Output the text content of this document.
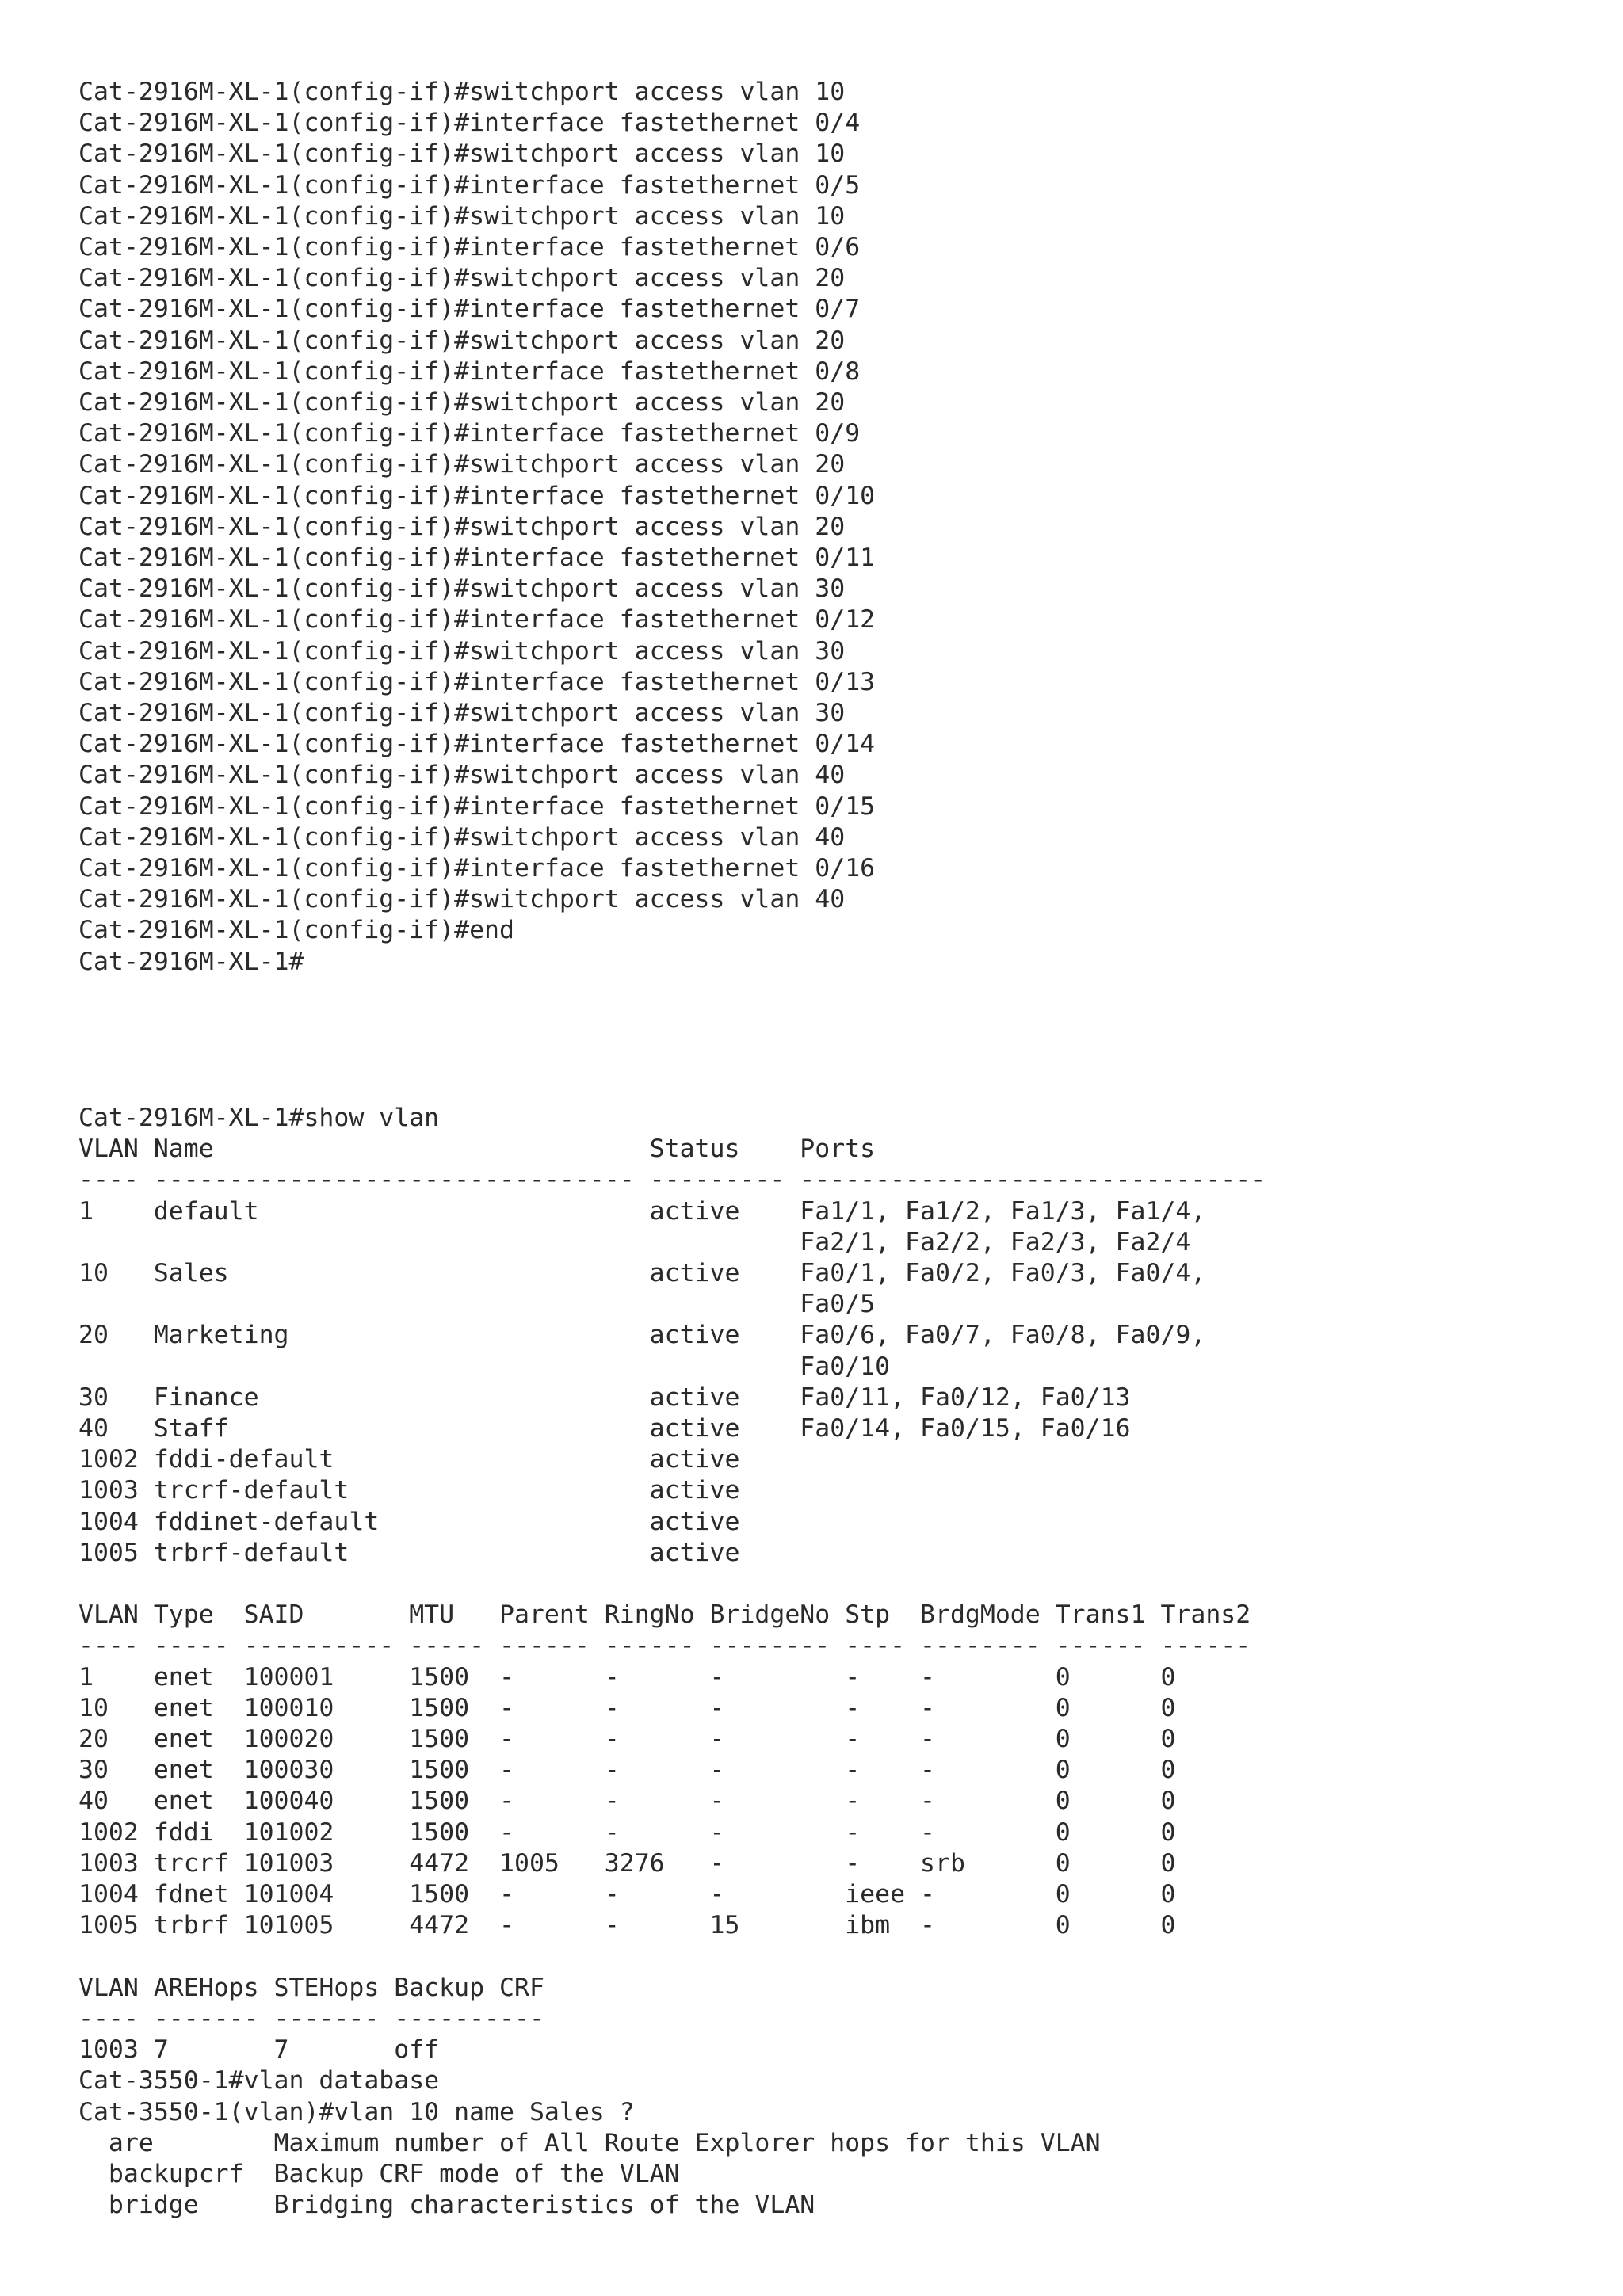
Cat-2916M-XL-1(config-if)#switchport access vlan 10
Cat-2916M-XL-1(config-if)#interface fastethernet 0/4
Cat-2916M-XL-1(config-if)#switchport access vlan 10
Cat-2916M-XL-1(config-if)#interface fastethernet 0/5
Cat-2916M-XL-1(config-if)#switchport access vlan 10
Cat-2916M-XL-1(config-if)#interface fastethernet 0/6
Cat-2916M-XL-1(config-if)#switchport access vlan 20
Cat-2916M-XL-1(config-if)#interface fastethernet 0/7
Cat-2916M-XL-1(config-if)#switchport access vlan 20
Cat-2916M-XL-1(config-if)#interface fastethernet 0/8
Cat-2916M-XL-1(config-if)#switchport access vlan 20
Cat-2916M-XL-1(config-if)#interface fastethernet 0/9
Cat-2916M-XL-1(config-if)#switchport access vlan 20
Cat-2916M-XL-1(config-if)#interface fastethernet 0/10
Cat-2916M-XL-1(config-if)#switchport access vlan 20
Cat-2916M-XL-1(config-if)#interface fastethernet 0/11
Cat-2916M-XL-1(config-if)#switchport access vlan 30
Cat-2916M-XL-1(config-if)#interface fastethernet 0/12
Cat-2916M-XL-1(config-if)#switchport access vlan 30
Cat-2916M-XL-1(config-if)#interface fastethernet 0/13
Cat-2916M-XL-1(config-if)#switchport access vlan 30
Cat-2916M-XL-1(config-if)#interface fastethernet 0/14
Cat-2916M-XL-1(config-if)#switchport access vlan 40
Cat-2916M-XL-1(config-if)#interface fastethernet 0/15
Cat-2916M-XL-1(config-if)#switchport access vlan 40
Cat-2916M-XL-1(config-if)#interface fastethernet 0/16
Cat-2916M-XL-1(config-if)#switchport access vlan 40
Cat-2916M-XL-1(config-if)#end
Cat-2916M-XL-1#
Cat-2916M-XL-1#show vlan
VLAN Name                             Status    Ports
---- -------------------------------- --------- -------------------------------
1    default                          active    Fa1/1, Fa1/2, Fa1/3, Fa1/4,
Fa2/1, Fa2/2, Fa2/3, Fa2/4
10   Sales                            active    Fa0/1, Fa0/2, Fa0/3, Fa0/4,
Fa0/5
20   Marketing                        active    Fa0/6, Fa0/7, Fa0/8, Fa0/9,
Fa0/10
30   Finance                          active    Fa0/11, Fa0/12, Fa0/13
40   Staff                            active    Fa0/14, Fa0/15, Fa0/16
1002 fddi-default                     active
1003 trcrf-default                    active
1004 fddinet-default                  active
1005 trbrf-default                    active

VLAN Type  SAID       MTU   Parent RingNo BridgeNo Stp  BrdgMode Trans1 Trans2
---- ----- ---------- ----- ------ ------ -------- ---- -------- ------ ------
1    enet  100001     1500  -      -      -        -    -        0      0
10   enet  100010     1500  -      -      -        -    -        0      0
20   enet  100020     1500  -      -      -        -    -        0      0
30   enet  100030     1500  -      -      -        -    -        0      0
40   enet  100040     1500  -      -      -        -    -        0      0
1002 fddi  101002     1500  -      -      -        -    -        0      0
1003 trcrf 101003     4472  1005   3276   -        -    srb      0      0
1004 fdnet 101004     1500  -      -      -        ieee -        0      0
1005 trbrf 101005     4472  -      -      15       ibm  -        0      0

VLAN AREHops STEHops Backup CRF
---- ------- ------- ----------
1003 7       7       off
Cat-3550-1#vlan database
Cat-3550-1(vlan)#vlan 10 name Sales ?
are        Maximum number of All Route Explorer hops for this VLAN
backupcrf  Backup CRF mode of the VLAN
bridge     Bridging characteristics of the VLAN
